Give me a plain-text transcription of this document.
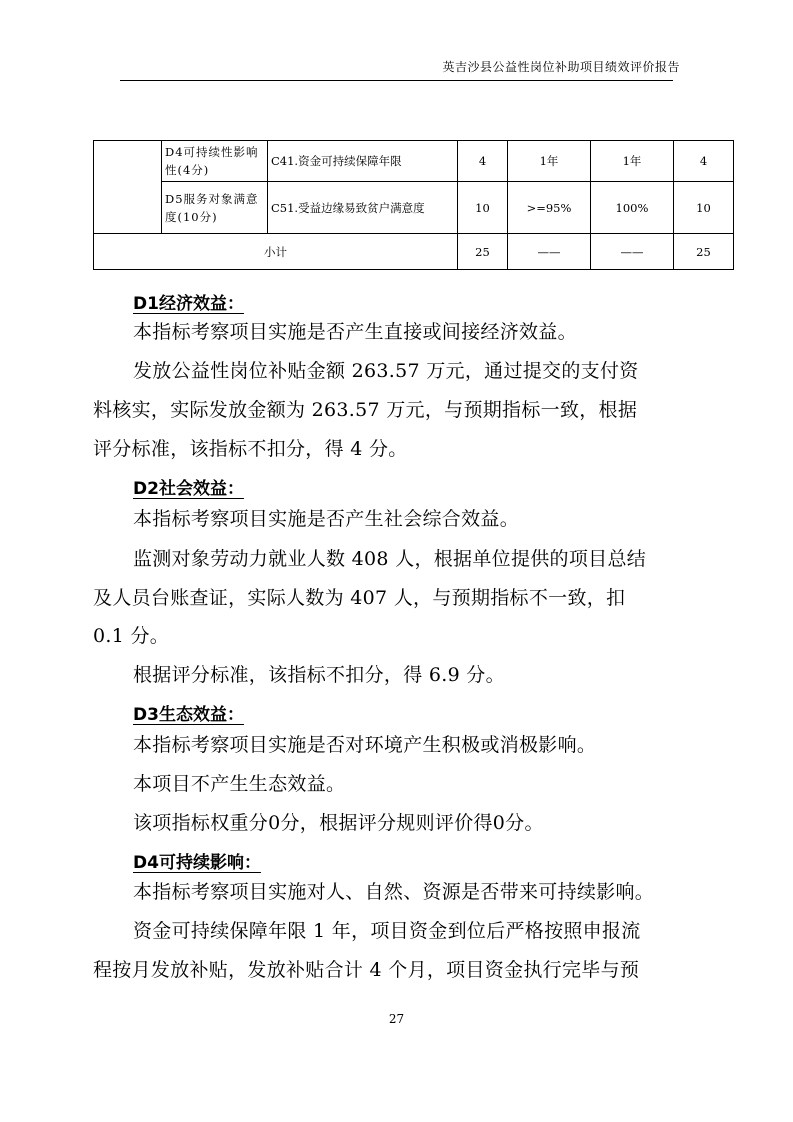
英吉沙县公益性岗位补助项目绩效评价报告
	D4可持续性影响性(4分)	C41.资金可持续保障年限	4	1年	1年	4
	D5服务对象满意度(10分)	C51.受益边缘易致贫户满意度	10	>=95%	100%	10
小计			25	——	——	25
D1经济效益：
本指标考察项目实施是否产生直接或间接经济效益。
发放公益性岗位补贴金额 263.57 万元，通过提交的支付资
料核实，实际发放金额为 263.57 万元，与预期指标一致，根据
评分标准，该指标不扣分，得 4 分。
D2社会效益：
本指标考察项目实施是否产生社会综合效益。
监测对象劳动力就业人数 408 人，根据单位提供的项目总结
及人员台账查证，实际人数为 407 人，与预期指标不一致，扣
0.1 分。
根据评分标准，该指标不扣分，得 6.9 分。
D3生态效益：
本指标考察项目实施是否对环境产生积极或消极影响。
本项目不产生生态效益。
该项指标权重分0分，根据评分规则评价得0分。
D4可持续影响：
本指标考察项目实施对人、自然、资源是否带来可持续影响。
资金可持续保障年限 1 年，项目资金到位后严格按照申报流
程按月发放补贴，发放补贴合计 4 个月，项目资金执行完毕与预
27
